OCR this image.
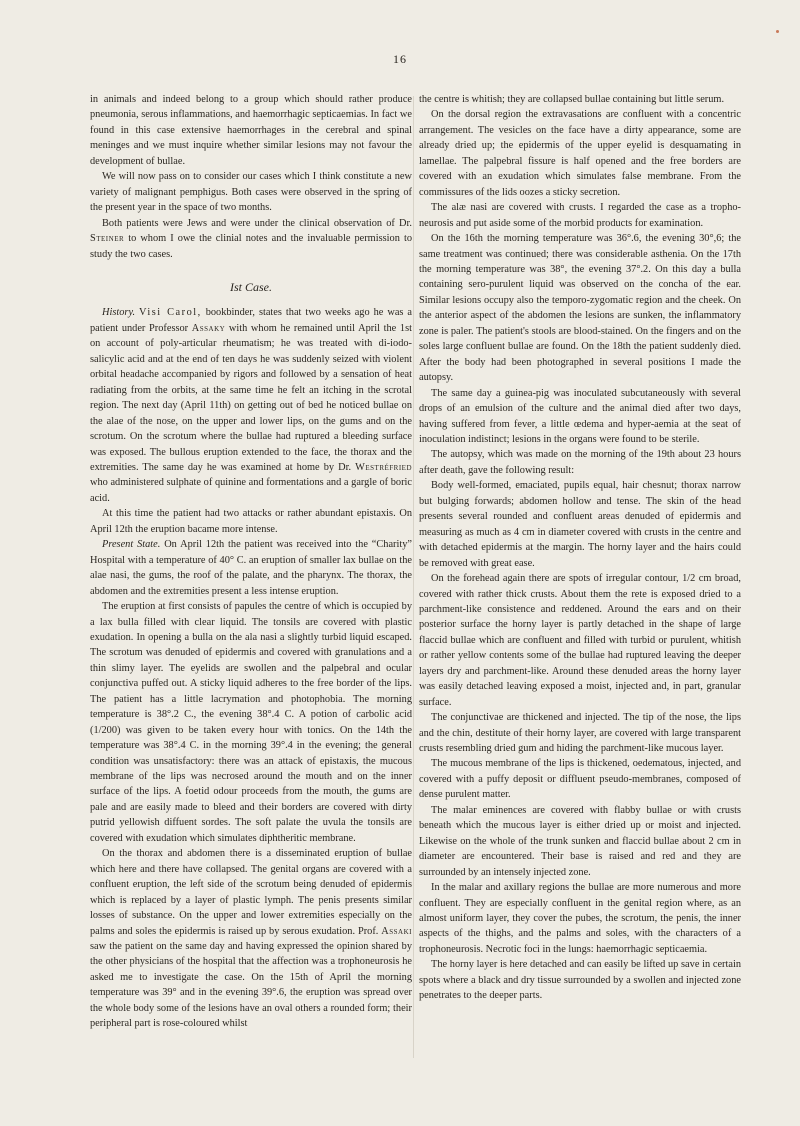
16

in animals and indeed belong to a group which should rather produce pneumonia, serous inflammations, and haemorrhagic septicaemias. In fact we found in this case extensive haemorrhages in the cerebral and spinal meninges and we must inquire whether similar lesions may not favour the development of bullae.

We will now pass on to consider our cases which I think constitute a new variety of malignant pemphigus. Both cases were observed in the spring of the present year in the space of two months.

Both patients were Jews and were under the clinical observation of Dr. Steiner to whom I owe the clinial notes and the invaluable permission to study the two cases.

Ist Case.

History. Visi Carol, bookbinder, states that two weeks ago he was a patient under Professor Assaky with whom he remained until April the 1st on account of poly-articular rheumatism; he was treated with di-iodo-salicylic acid and at the end of ten days he was suddenly seized with violent orbital headache accompanied by rigors and followed by a sensation of heat radiating from the orbits, at the same time he felt an itching in the scrotal region. The next day (April 11th) on getting out of bed he noticed bullae on the alae of the nose, on the upper and lower lips, on the gums and on the scrotum. On the scrotum where the bullae had ruptured a bleeding surface was exposed. The bullous eruption extended to the face, the thorax and the extremities. The same day he was examined at home by Dr. Westréfried who administered sulphate of quinine and formentations and a gargle of boric acid.

At this time the patient had two attacks or rather abundant epistaxis. On April 12th the eruption bacame more intense.

Present State. On April 12th the patient was received into the “Charity” Hospital with a temperature of 40° C. an eruption of smaller lax bullae on the alae nasi, the gums, the roof of the palate, and the pharynx. The thorax, the abdomen and the extremities present a less intense eruption.

The eruption at first consists of papules the centre of which is occupied by a lax bulla filled with clear liquid. The tonsils are covered with plastic exudation. In opening a bulla on the ala nasi a slightly turbid liquid escaped. The scrotum was denuded of epidermis and covered with granulations and a thin slimy layer. The eyelids are swollen and the palpebral and ocular conjunctiva puffed out. A sticky liquid adheres to the free border of the lips. The patient has a little lacrymation and photophobia. The morning temperature is 38°.2 C., the evening 38°.4 C. A potion of carbolic acid (1/200) was given to be taken every hour with tonics. On the 14th the temperature was 38°.4 C. in the morning 39°.4 in the evening; the general condition was unsatisfactory: there was an attack of epistaxis, the mucous membrane of the lips was necrosed around the mouth and on the inner surface of the lips. A foetid odour proceeds from the mouth, the gums are pale and are easily made to bleed and their borders are covered with dirty putrid yellowish diffuent sordes. The soft palate the uvula the tonsils are covered with exudation which simulates diphtheritic membrane.

On the thorax and abdomen there is a disseminated eruption of bullae which here and there have collapsed. The genital organs are covered with a confluent eruption, the left side of the scrotum being denuded of epidermis which is replaced by a layer of plastic lymph. The penis presents similar losses of substance. On the upper and lower extremities especially on the palms and soles the epidermis is raised up by serous exudation. Prof. Assaki saw the patient on the same day and having expressed the opinion shared by the other physicians of the hospital that the affection was a trophoneurosis he asked me to investigate the case. On the 15th of April the morning temperature was 39° and in the evening 39°.6, the eruption was spread over the whole body some of the lesions have an oval others a rounded form; their peripheral part is rose-coloured whilst

the centre is whitish; they are collapsed bullae containing but little serum.

On the dorsal region the extravasations are confluent with a concentric arrangement. The vesicles on the face have a dirty appearance, some are already dried up; the epidermis of the upper eyelid is desquamating in lamellae. The palpebral fissure is half opened and the free borders are covered with an exudation which simulates false membrane. From the commissures of the lids oozes a sticky secretion.

The alæ nasi are covered with crusts. I regarded the case as a tropho-neurosis and put aside some of the morbid products for examination.

On the 16th the morning temperature was 36°.6, the evening 30°,6; the same treatment was continued; there was considerable asthenia. On the 17th the morning temperature was 38°, the evening 37°.2. On this day a bulla containing sero-purulent liquid was observed on the concha of the ear. Similar lesions occupy also the temporo-zygomatic region and the cheek. On the anterior aspect of the abdomen the lesions are sunken, the inflammatory zone is paler. The patient's stools are blood-stained. On the fingers and on the soles large confluent bullae are found. On the 18th the patient suddenly died. After the body had been photographed in several positions I made the autopsy.

The same day a guinea-pig was inoculated subcutaneously with several drops of an emulsion of the culture and the animal died after two days, having suffered from fever, a little œdema and hyper-aemia at the seat of inoculation indistinct; lesions in the organs were found to be sterile.

The autopsy, which was made on the morning of the 19th about 23 hours after death, gave the following result:

Body well-formed, emaciated, pupils equal, hair chesnut; thorax narrow but bulging forwards; abdomen hollow and tense. The skin of the head presents several rounded and confluent areas denuded of epidermis and measuring as much as 4 cm in diameter covered with crusts in the centre and with detached epidermis at the margin. The horny layer and the hairs could be removed with great ease.

On the forehead again there are spots of irregular contour, 1/2 cm broad, covered with rather thick crusts. About them the rete is exposed dried to a parchment-like consistence and reddened. Around the ears and on their posterior surface the horny layer is partly detached in the shape of large flaccid bullae which are confluent and filled with turbid or purulent, whitish or rather yellow contents some of the bullae had ruptured leaving the deeper layers dry and parchment-like. Around these denuded areas the horny layer was easily detached leaving exposed a moist, injected and, in part, granular surface.

The conjunctivae are thickened and injected. The tip of the nose, the lips and the chin, destitute of their horny layer, are covered with large transparent crusts resembling dried gum and hiding the parchment-like mucous layer.

The mucous membrane of the lips is thickened, oedematous, injected, and covered with a puffy deposit or diffluent pseudo-membranes, composed of dense purulent matter.

The malar eminences are covered with flabby bullae or with crusts beneath which the mucous layer is either dried up or moist and injected. Likewise on the whole of the trunk sunken and flaccid bullae about 2 cm in diameter are encountered. Their base is raised and red and they are surrounded by an intensely injected zone.

In the malar and axillary regions the bullae are more numerous and more confluent. They are especially confluent in the genital region where, as an almost uniform layer, they cover the pubes, the scrotum, the penis, the inner aspects of the thighs, and the palms and soles, with the characters of a trophoneurosis. Necrotic foci in the lungs: haemorrhagic septicaemia.

The horny layer is here detached and can easily be lifted up save in certain spots where a black and dry tissue surrounded by a swollen and injected zone penetrates to the deeper parts.
